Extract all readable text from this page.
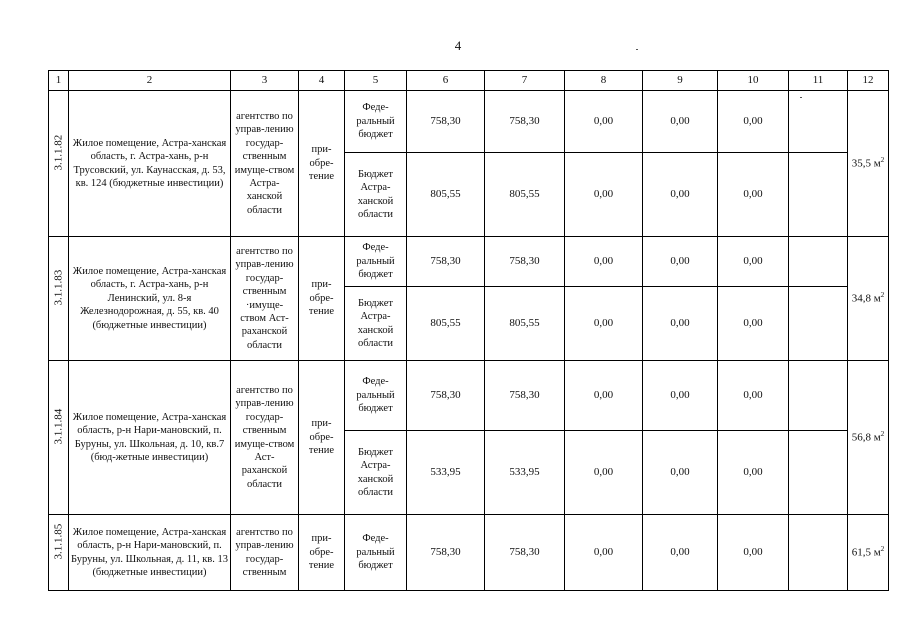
4
1	2	3	4	5	6	7	8	9	10	11	12

3.1.1.82	Жилое помещение, Астра-ханская область, г. Астра-хань, р-н Трусовский, ул. Каунасская, д. 53, кв. 124 (бюджетные инвестиции)	агентство по управ-лению государ-ственным имуще-ством Астра-ханской области	при-обре-тение	Феде-ральный бюджет	758,30	758,30	0,00	0,00	0,00		35,5 $м^2$
				Бюджет Астра-ханской области	805,55	805,55	0,00	0,00	0,00		

3.1.1.83	Жилое помещение, Астра-ханская область, г. Астра-хань, р-н Ленинский, ул. 8-я Железнодорожная, д. 55, кв. 40 (бюджетные инвестиции)	агентство по управ-лению государ-ственным ·имуще-ством Аст-раханской области	при-обре-тение	Феде-ральный бюджет	758,30	758,30	0,00	0,00	0,00		34,8 $м^2$
				Бюджет Астра-ханской области	805,55	805,55	0,00	0,00	0,00		

3.1.1.84	Жилое помещение, Астра-ханская область, р-н Нари-мановский, п. Буруны, ул. Школьная, д. 10, кв.7 (бюд-жетные инвестиции)	агентство по управ-лению государ-ственным имуще-ством Аст-раханской области	при-обре-тение	Феде-ральный бюджет	758,30	758,30	0,00	0,00	0,00		56,8 $м^2$
				Бюджет Астра-ханской области	533,95	533,95	0,00	0,00	0,00		

3.1.1.85	Жилое помещение, Астра-ханская область, р-н Нари-мановский, п. Буруны, ул. Школьная, д. 11, кв. 13 (бюджетные инвестиции)	агентство по управ-лению государ-ственным	при-обре-тение	Феде-ральный бюджет	758,30	758,30	0,00	0,00	0,00		61,5 $м^2$
